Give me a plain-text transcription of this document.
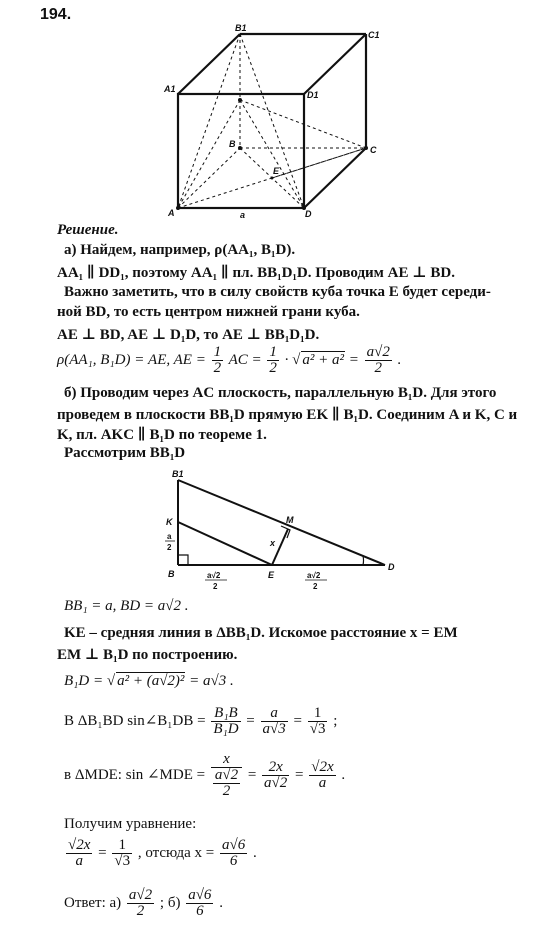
194.
B1
C1
A1
D1
B
C
E
A	D
a
Решение.
а) Найдем, например, ρ(AA₁, B₁D).
AA₁ ∥ DD₁, поэтому AA₁ ∥ пл. BB₁D₁D. Проводим AE ⊥ BD.
Важно заметить, что в силу свойств куба точка E будет середи-
ной BD, то есть центром нижней грани куба.
AE ⊥ BD, AE ⊥ D₁D, то AE ⊥ BB₁D₁D.
ρ(AA₁, B₁D) = AE, AE = $\frac{1}{2}$ AC = $\frac{1}{2}$ · √ $a^2 + a^2 = \frac{a√2}{2}$ .
б) Проводим через AC плоскость, параллельную B₁D. Для этого
проведем в плоскости BB₁D прямую EK ∥ B₁D. Соединим A и K, C и
K, пл. AKC ∥ B₁D по теореме 1.
Рассмотрим BB₁D
B1
K	M
x
B	E
D
a
2
a√2
2
a√2
2
BB₁ = a, BD = a√2 .
KE – средняя линия в ΔBB₁D. Искомое расстояние x = EM
EM ⊥ B₁D по построению.
B₁D = √ a² + (a√2)² = a√3 .
В ΔB₁BD sin∠B₁DB = $\frac{\text{B₁B}}{\text{B₁D}} = \frac{a}{a√3} = \frac{1}{√3}$ ;
в ΔMDE: sin ∠MDE = $\frac{x}{\frac{a√2}{2}} = \frac{2x}{a√2} = \frac{√2x}{a}$ .
Получим уравнение:
$\frac{√2x}{a} = \frac{1}{√3}$ , отсюда $x = \frac{a√6}{6}$ .
Ответ: $а) \frac{a√2}{2}$ ; $б) \frac{a√6}{6}$ .
